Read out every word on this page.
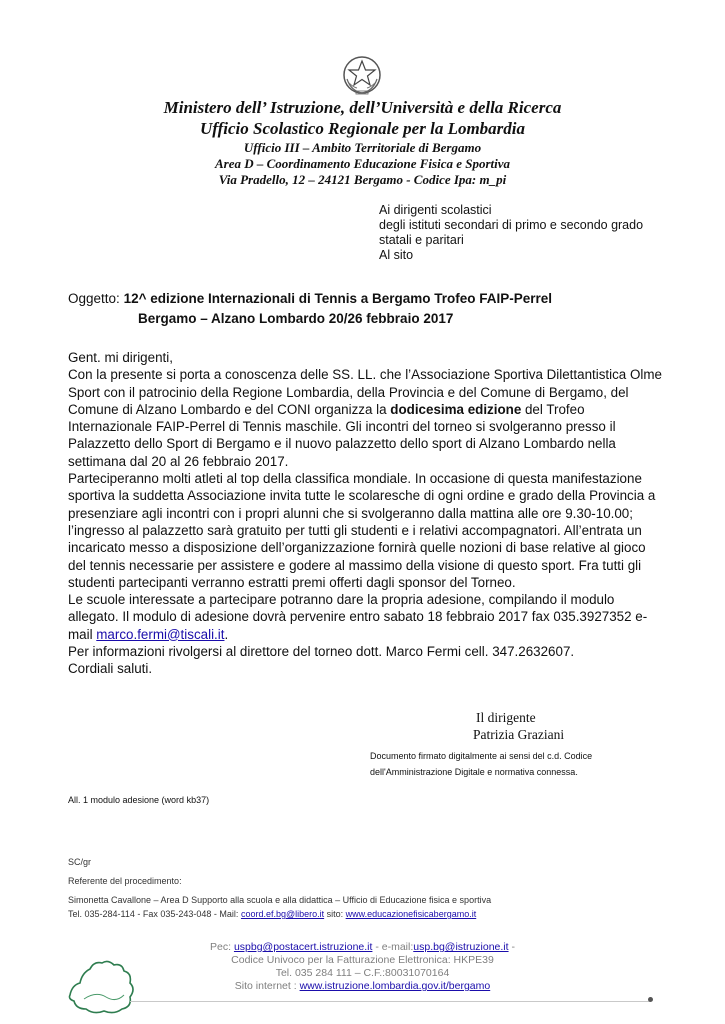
Ministero dell’ Istruzione, dell’Università e della Ricerca
Ufficio Scolastico Regionale per la Lombardia
Ufficio III – Ambito Territoriale di Bergamo
Area D – Coordinamento Educazione Fisica e Sportiva
Via Pradello, 12 – 24121 Bergamo - Codice Ipa: m_pi
Ai dirigenti scolastici
degli istituti secondari di primo e secondo grado
statali e paritari
Al sito
Oggetto: 12^ edizione Internazionali di Tennis a Bergamo Trofeo FAIP-Perrel
Bergamo – Alzano Lombardo 20/26 febbraio 2017
Gent. mi dirigenti,
Con la presente si porta a conoscenza delle SS. LL. che l’Associazione Sportiva Dilettantistica Olme
Sport con il patrocinio della Regione Lombardia, della Provincia e del Comune di Bergamo, del
Comune di Alzano Lombardo e del CONI organizza la dodicesima edizione del Trofeo
Internazionale FAIP-Perrel di Tennis maschile. Gli incontri del torneo si svolgeranno presso il
Palazzetto dello Sport di Bergamo e il nuovo palazzetto dello sport di Alzano Lombardo nella
settimana dal 20 al 26 febbraio 2017.
Parteciperanno molti atleti al top della classifica mondiale. In occasione di questa manifestazione
sportiva la suddetta Associazione invita tutte le scolaresche di ogni ordine e grado della Provincia a
presenziare agli incontri con i propri alunni che si svolgeranno dalla mattina alle ore 9.30-10.00;
l’ingresso al palazzetto sarà gratuito per tutti gli studenti e i relativi accompagnatori. All’entrata un
incaricato messo a disposizione dell’organizzazione fornirà quelle nozioni di base relative al gioco
del tennis necessarie per assistere e godere al massimo della visione di questo sport. Fra tutti gli
studenti partecipanti verranno estratti premi offerti dagli sponsor del Torneo.
Le scuole interessate a partecipare potranno dare la propria adesione, compilando il modulo
allegato. Il modulo di adesione dovrà pervenire entro sabato 18 febbraio 2017 fax 035.3927352 e-
mail marco.fermi@tiscali.it.
Per informazioni rivolgersi al direttore del torneo dott. Marco Fermi cell. 347.2632607.
Cordiali saluti.
Il dirigente
Patrizia Graziani
Documento firmato digitalmente ai sensi del c.d. Codice
dell'Amministrazione Digitale e normativa connessa.
All. 1 modulo adesione (word kb37)
SC/gr
Referente del procedimento:
Simonetta Cavallone – Area D Supporto alla scuola e alla didattica – Ufficio di Educazione fisica e sportiva
Tel. 035-284-114 - Fax 035-243-048 - Mail: coord.ef.bg@libero.it sito: www.educazionefisicabergamo.it
Pec: uspbg@postacert.istruzione.it - e-mail:usp.bg@istruzione.it -
Codice Univoco per la Fatturazione Elettronica: HKPE39
Tel. 035 284 111 – C.F.:80031070164
Sito internet : www.istruzione.lombardia.gov.it/bergamo
